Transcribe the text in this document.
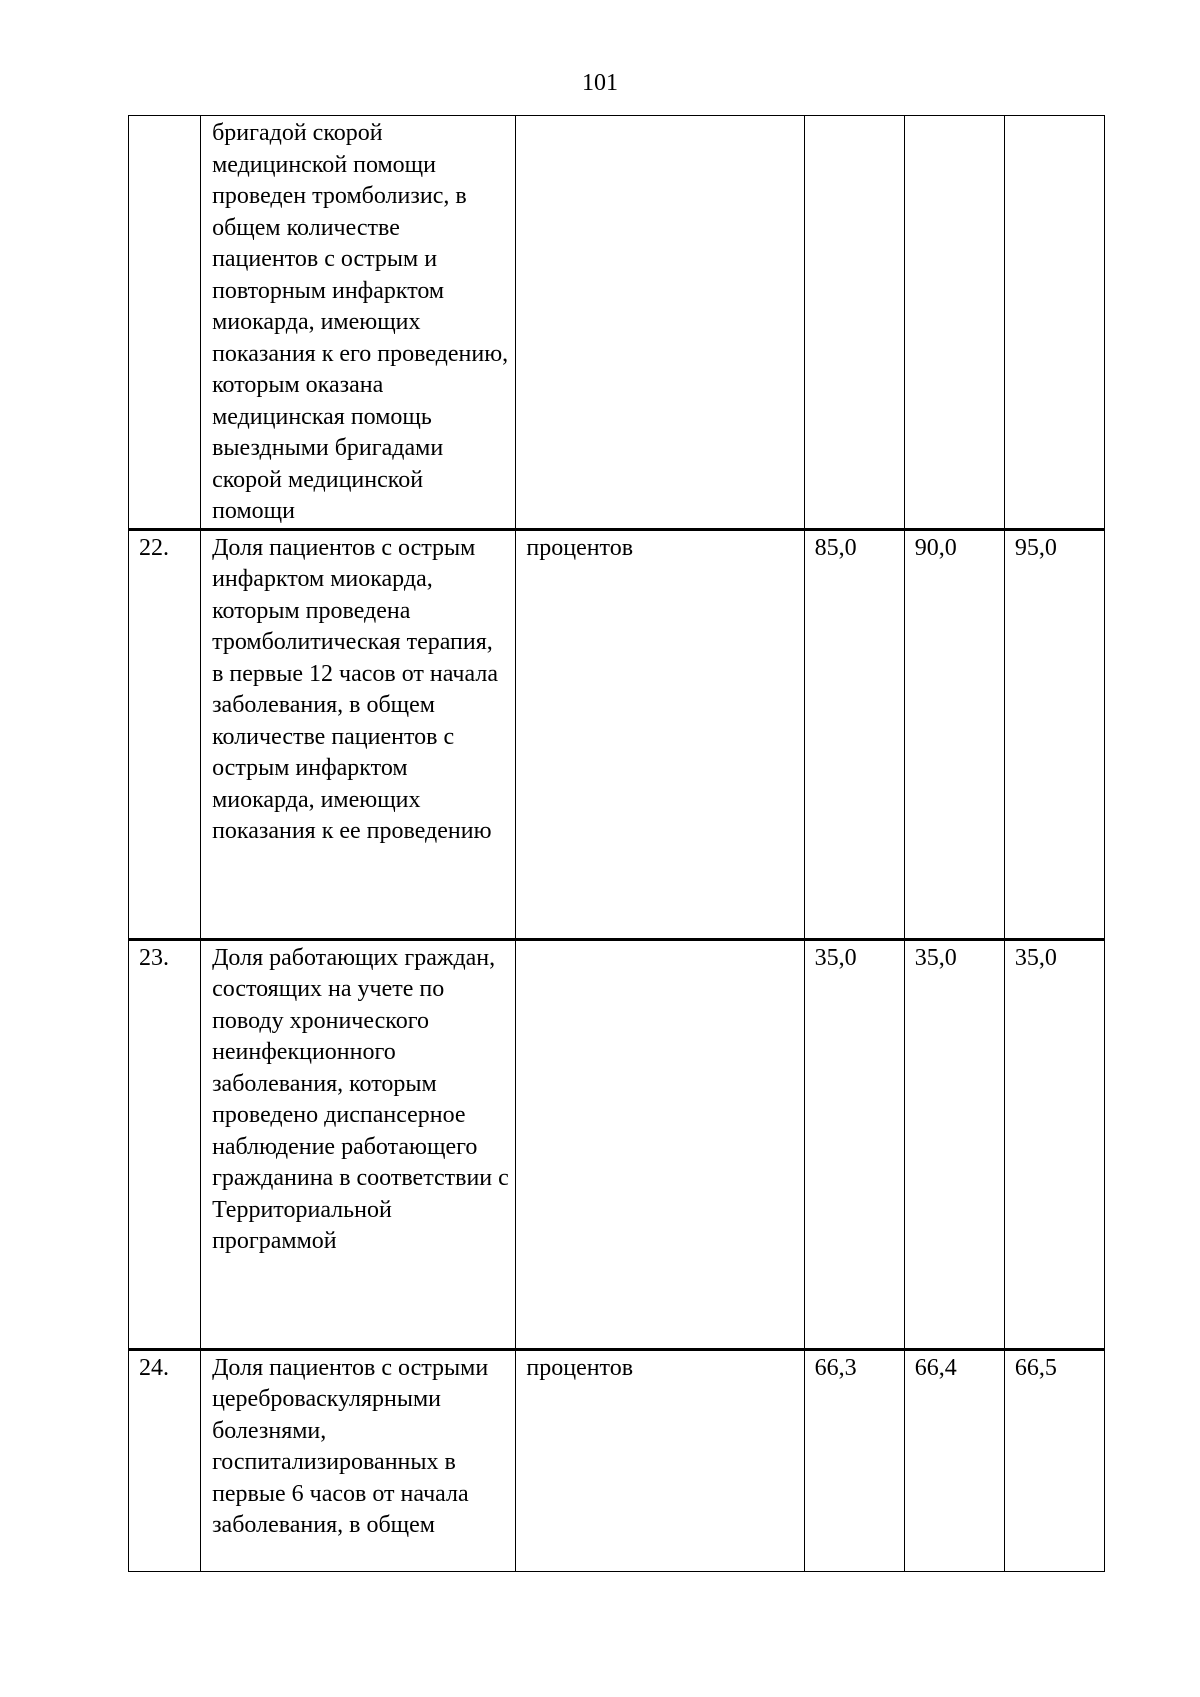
101
	бригадой скорой медицинской помощи проведен тромболизис, в общем количестве пациентов с острым и повторным инфарктом миокарда, имеющих показания к его проведению, которым оказана медицинская помощь выездными бригадами скорой медицинской помощи				
22.	Доля пациентов с острым инфарктом миокарда, которым проведена тромболитическая терапия, в первые 12 часов от начала заболевания, в общем количестве пациентов с острым инфарктом миокарда, имеющих показания к ее проведению	процентов	85,0	90,0	95,0
23.	Доля работающих граждан, состоящих на учете по поводу хронического неинфекционного заболевания, которым проведено диспансерное наблюдение работающего гражданина в соответствии с Территориальной программой		35,0	35,0	35,0
24.	Доля пациентов с острыми цереброваскулярными болезнями, госпитализированных в первые 6 часов от начала заболевания, в общем	процентов	66,3	66,4	66,5
